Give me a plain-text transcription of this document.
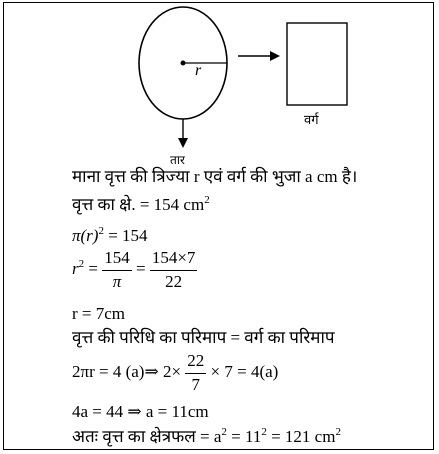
r
वर्ग
तार
माना वृत्त की त्रिज्या r एवं वर्ग की भुजा a cm है।
वृत्त का क्षे. = 154 $cm^2$
$\pi(r)^2 = 154$
$r^2 = \frac{154}{\pi} = \frac{154\times 7}{22}$
r = 7cm
वृत्त की परिधि का परिमाप = वर्ग का परिमाप
2πr = 4 (a)⇒ $2\times \frac{22}{7} \times 7 = 4(a)$
4a = 44 ⇒ a = 11cm
अतः वृत्त का क्षेत्रफल = $a^2 = 11^2 = 121$ $cm^2$
